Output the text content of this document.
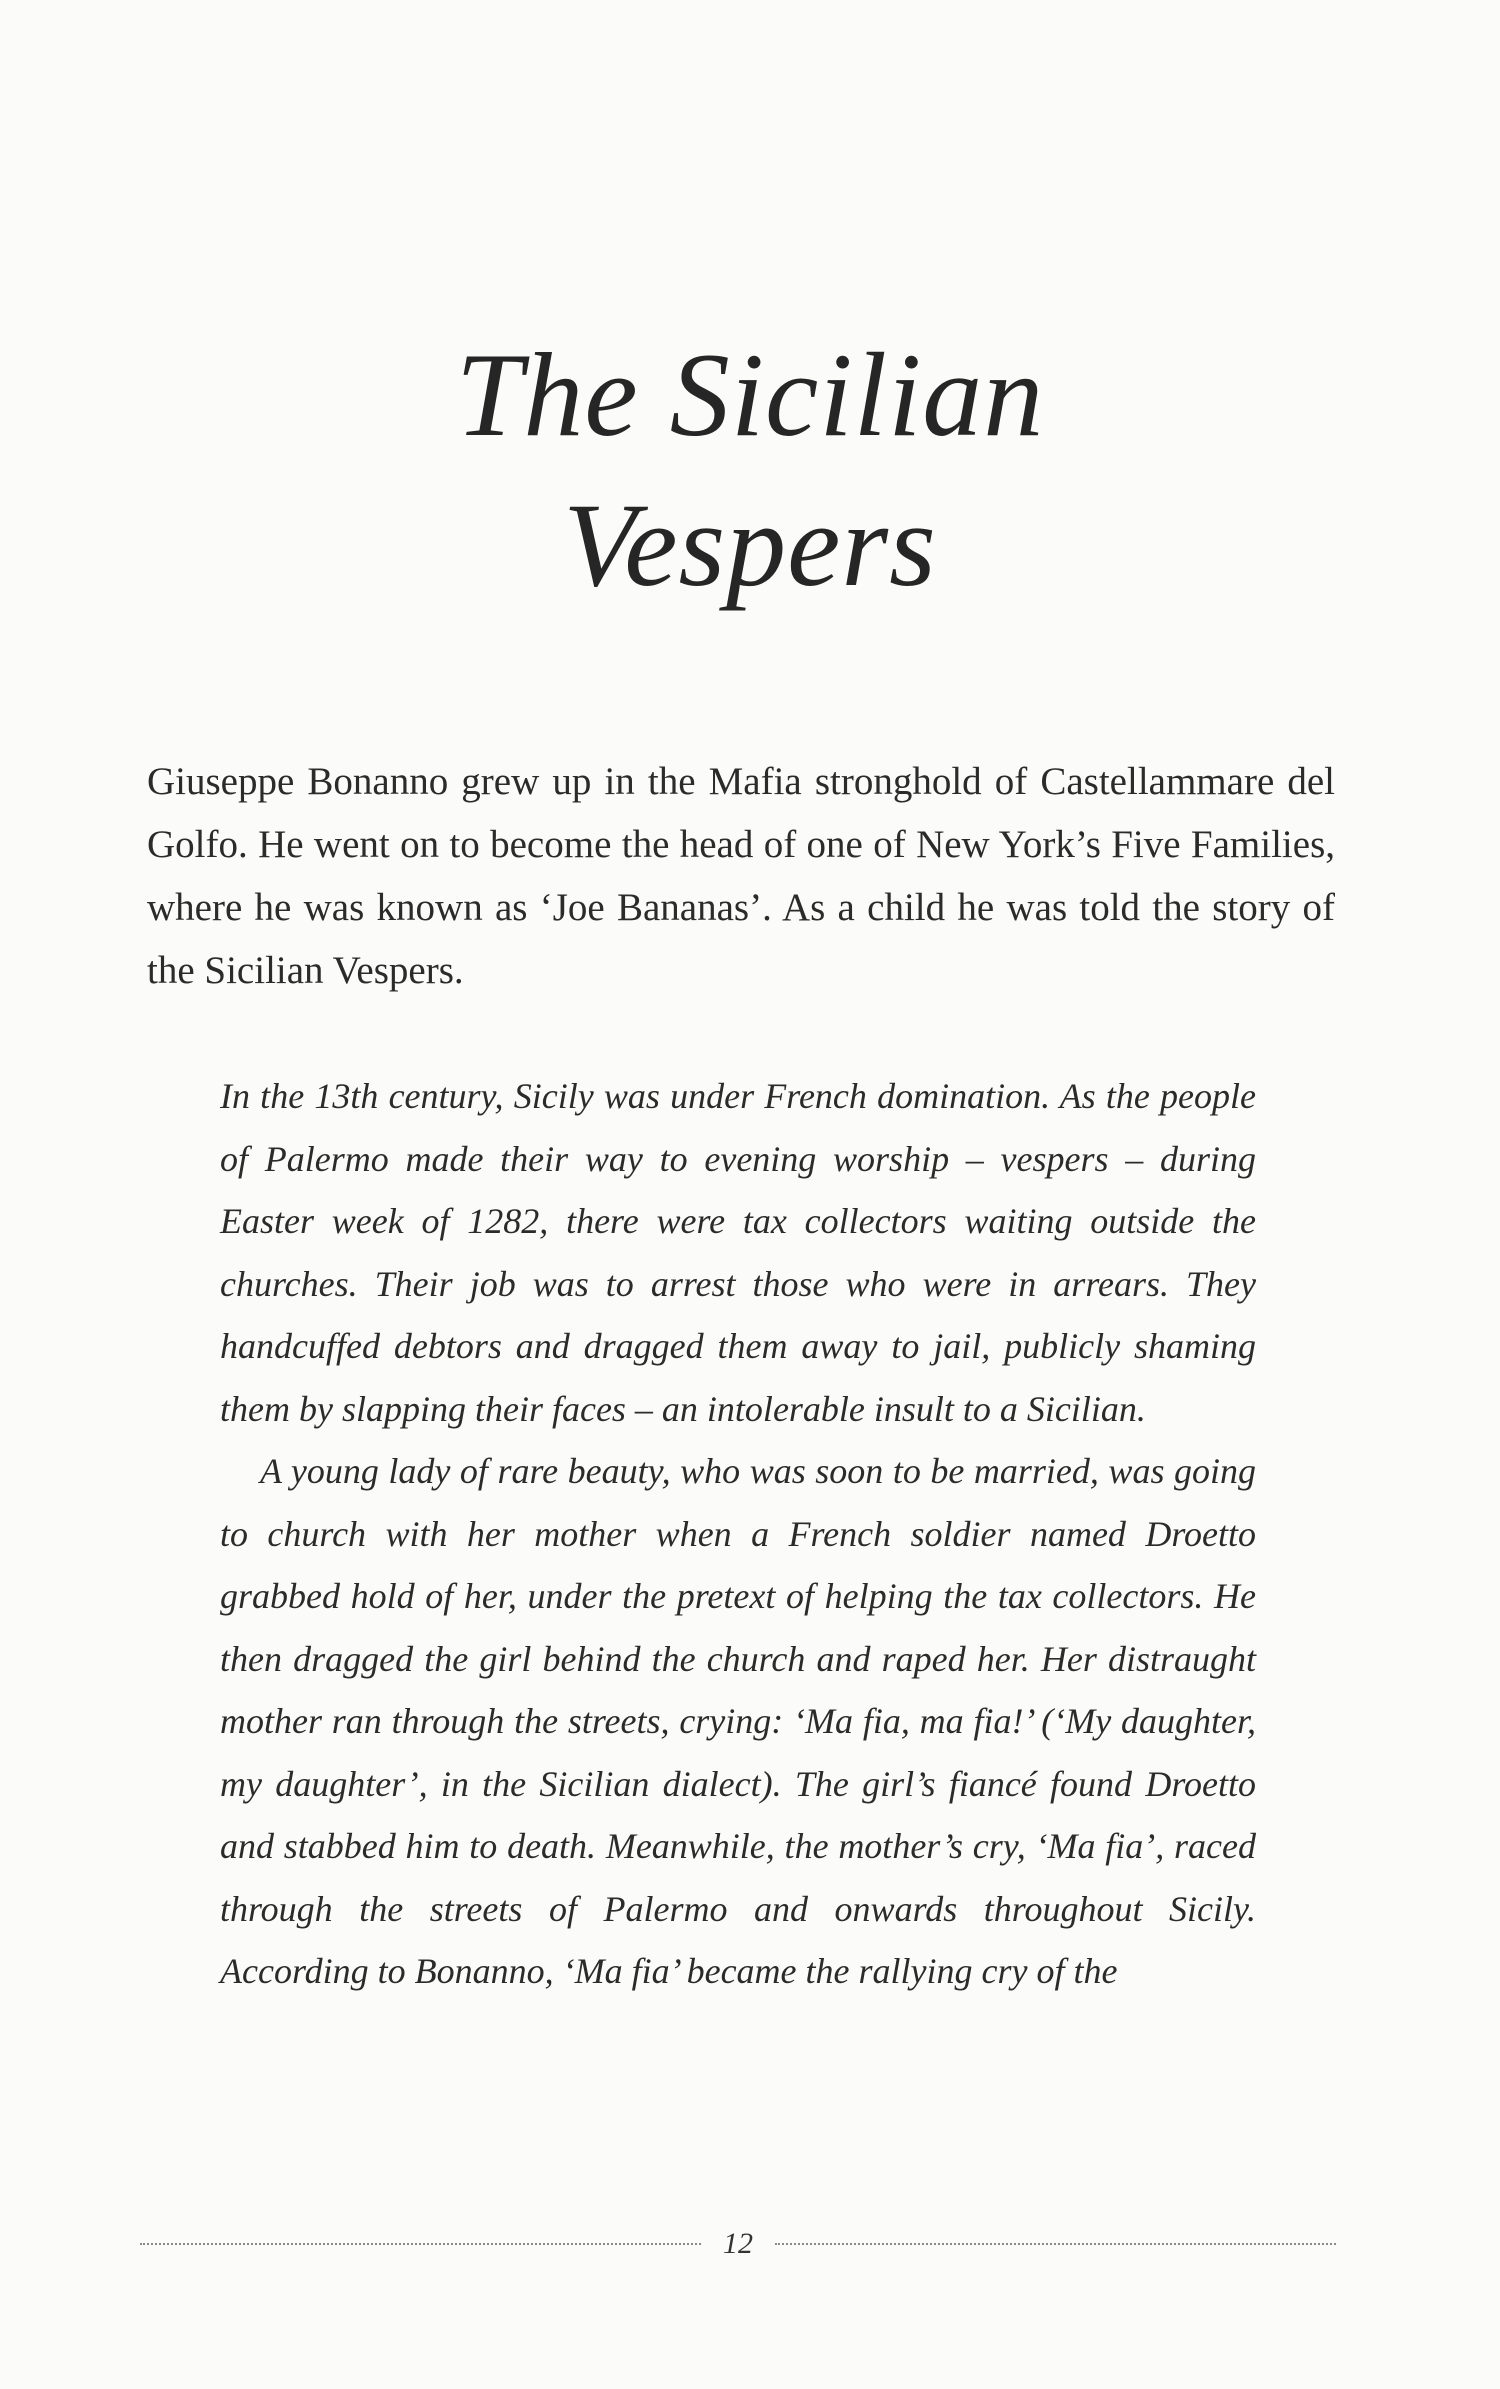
The Sicilian
Vespers

Giuseppe Bonanno grew up in the Mafia stronghold of Castellammare del Golfo. He went on to become the head of one of New York’s Five Families, where he was known as ‘Joe Bananas’. As a child he was told the story of the Sicilian Vespers.

In the 13th century, Sicily was under French domination. As the people of Palermo made their way to evening worship – vespers – during Easter week of 1282, there were tax collectors waiting outside the churches. Their job was to arrest those who were in arrears. They handcuffed debtors and dragged them away to jail, publicly shaming them by slapping their faces – an intolerable insult to a Sicilian.

A young lady of rare beauty, who was soon to be married, was going to church with her mother when a French soldier named Droetto grabbed hold of her, under the pretext of helping the tax collectors. He then dragged the girl behind the church and raped her. Her distraught mother ran through the streets, crying: ‘Ma fia, ma fia!’ (‘My daughter, my daughter’, in the Sicilian dialect). The girl’s fiancé found Droetto and stabbed him to death. Meanwhile, the mother’s cry, ‘Ma fia’, raced through the streets of Palermo and onwards throughout Sicily. According to Bonanno, ‘Ma fia’ became the rallying cry of the

12
